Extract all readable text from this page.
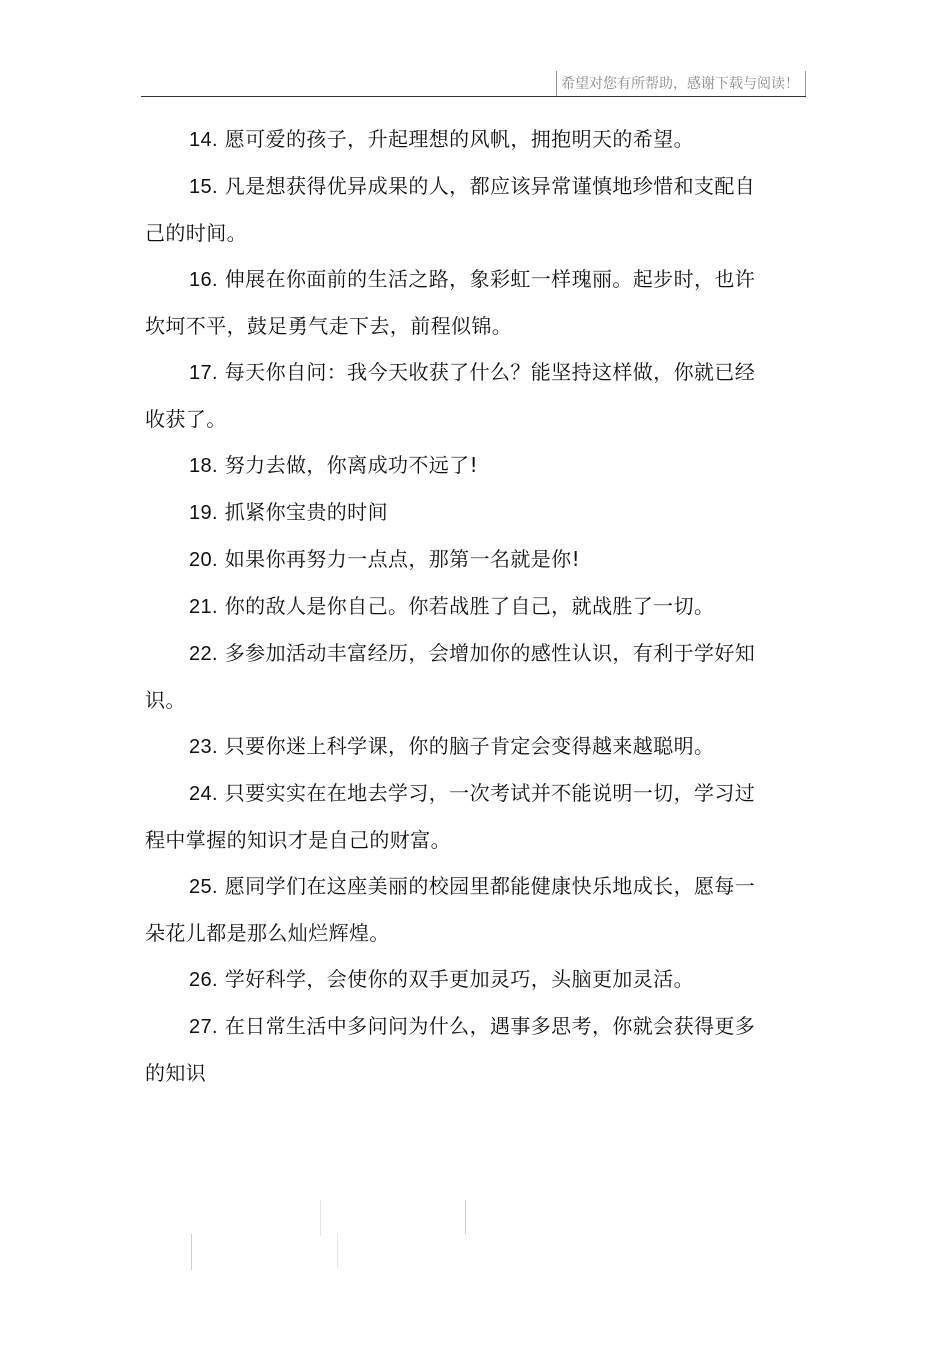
希望对您有所帮助，感谢下载与阅读！

14. 愿可爱的孩子，升起理想的风帆，拥抱明天的希望。

15. 凡是想获得优异成果的人，都应该异常谨慎地珍惜和支配自己的时间。

16. 伸展在你面前的生活之路，象彩虹一样瑰丽。起步时，也许坎坷不平，鼓足勇气走下去，前程似锦。

17. 每天你自问：我今天收获了什么？能坚持这样做，你就已经收获了。

18. 努力去做，你离成功不远了!

19. 抓紧你宝贵的时间

20. 如果你再努力一点点，那第一名就是你!

21. 你的敌人是你自己。你若战胜了自己，就战胜了一切。

22. 多参加活动丰富经历，会增加你的感性认识，有利于学好知识。

23. 只要你迷上科学课，你的脑子肯定会变得越来越聪明。

24. 只要实实在在地去学习，一次考试并不能说明一切，学习过程中掌握的知识才是自己的财富。

25. 愿同学们在这座美丽的校园里都能健康快乐地成长，愿每一朵花儿都是那么灿烂辉煌。

26. 学好科学，会使你的双手更加灵巧，头脑更加灵活。

27. 在日常生活中多问问为什么，遇事多思考，你就会获得更多的知识
